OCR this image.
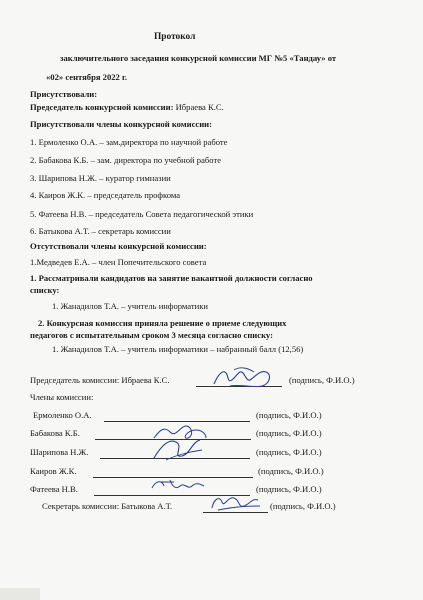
Протокол
заключительного заседания конкурсной комиссии МГ №5 «Тандау» от
«02» сентября 2022 г.
Присутствовали:
Председатель конкурсной комиссии: Ибраева К.С.
Присутствовали члены конкурсной комиссии:
1. Ермоленко О.А. – зам.директора по научной работе
2. Бабакова К.Б. – зам. директора по учебной работе
3. Шарипова Н.Ж. – куратор гимназии
4. Каиров Ж.К. – председатель профкома
5. Фатеева Н.В. – председатель Совета педагогической этики
6. Батыкова А.Т. – секретарь комиссии
Отсутствовали члены конкурсной комиссии:
1.Медведев Е.А. – член Попечительского совета
1. Рассматривали кандидатов на занятие вакантной должности согласно
списку:
1. Жанадилов Т.А. – учитель информатики
2. Конкурсная комиссия приняла решение о приеме следующих
педагогов с испытательным сроком 3 месяца согласно списку:
1. Жанадилов Т.А. – учитель информатики – набранный балл (12,56)
Председатель комиссии: Ибраева К.С.	(подпись, Ф.И.О.)
Члены комиссии:
Ермоленко О.А.	(подпись, Ф.И.О.)
Бабакова К.Б.	(подпись, Ф.И.О.)
Шарипова Н.Ж.	(подпись, Ф.И.О.)
Каиров Ж.К.	(подпись, Ф.И.О.)
Фатеева Н.В.	(подпись, Ф.И.О.)
Секретарь комиссии: Батыкова А.Т.	(подпись, Ф.И.О.)
